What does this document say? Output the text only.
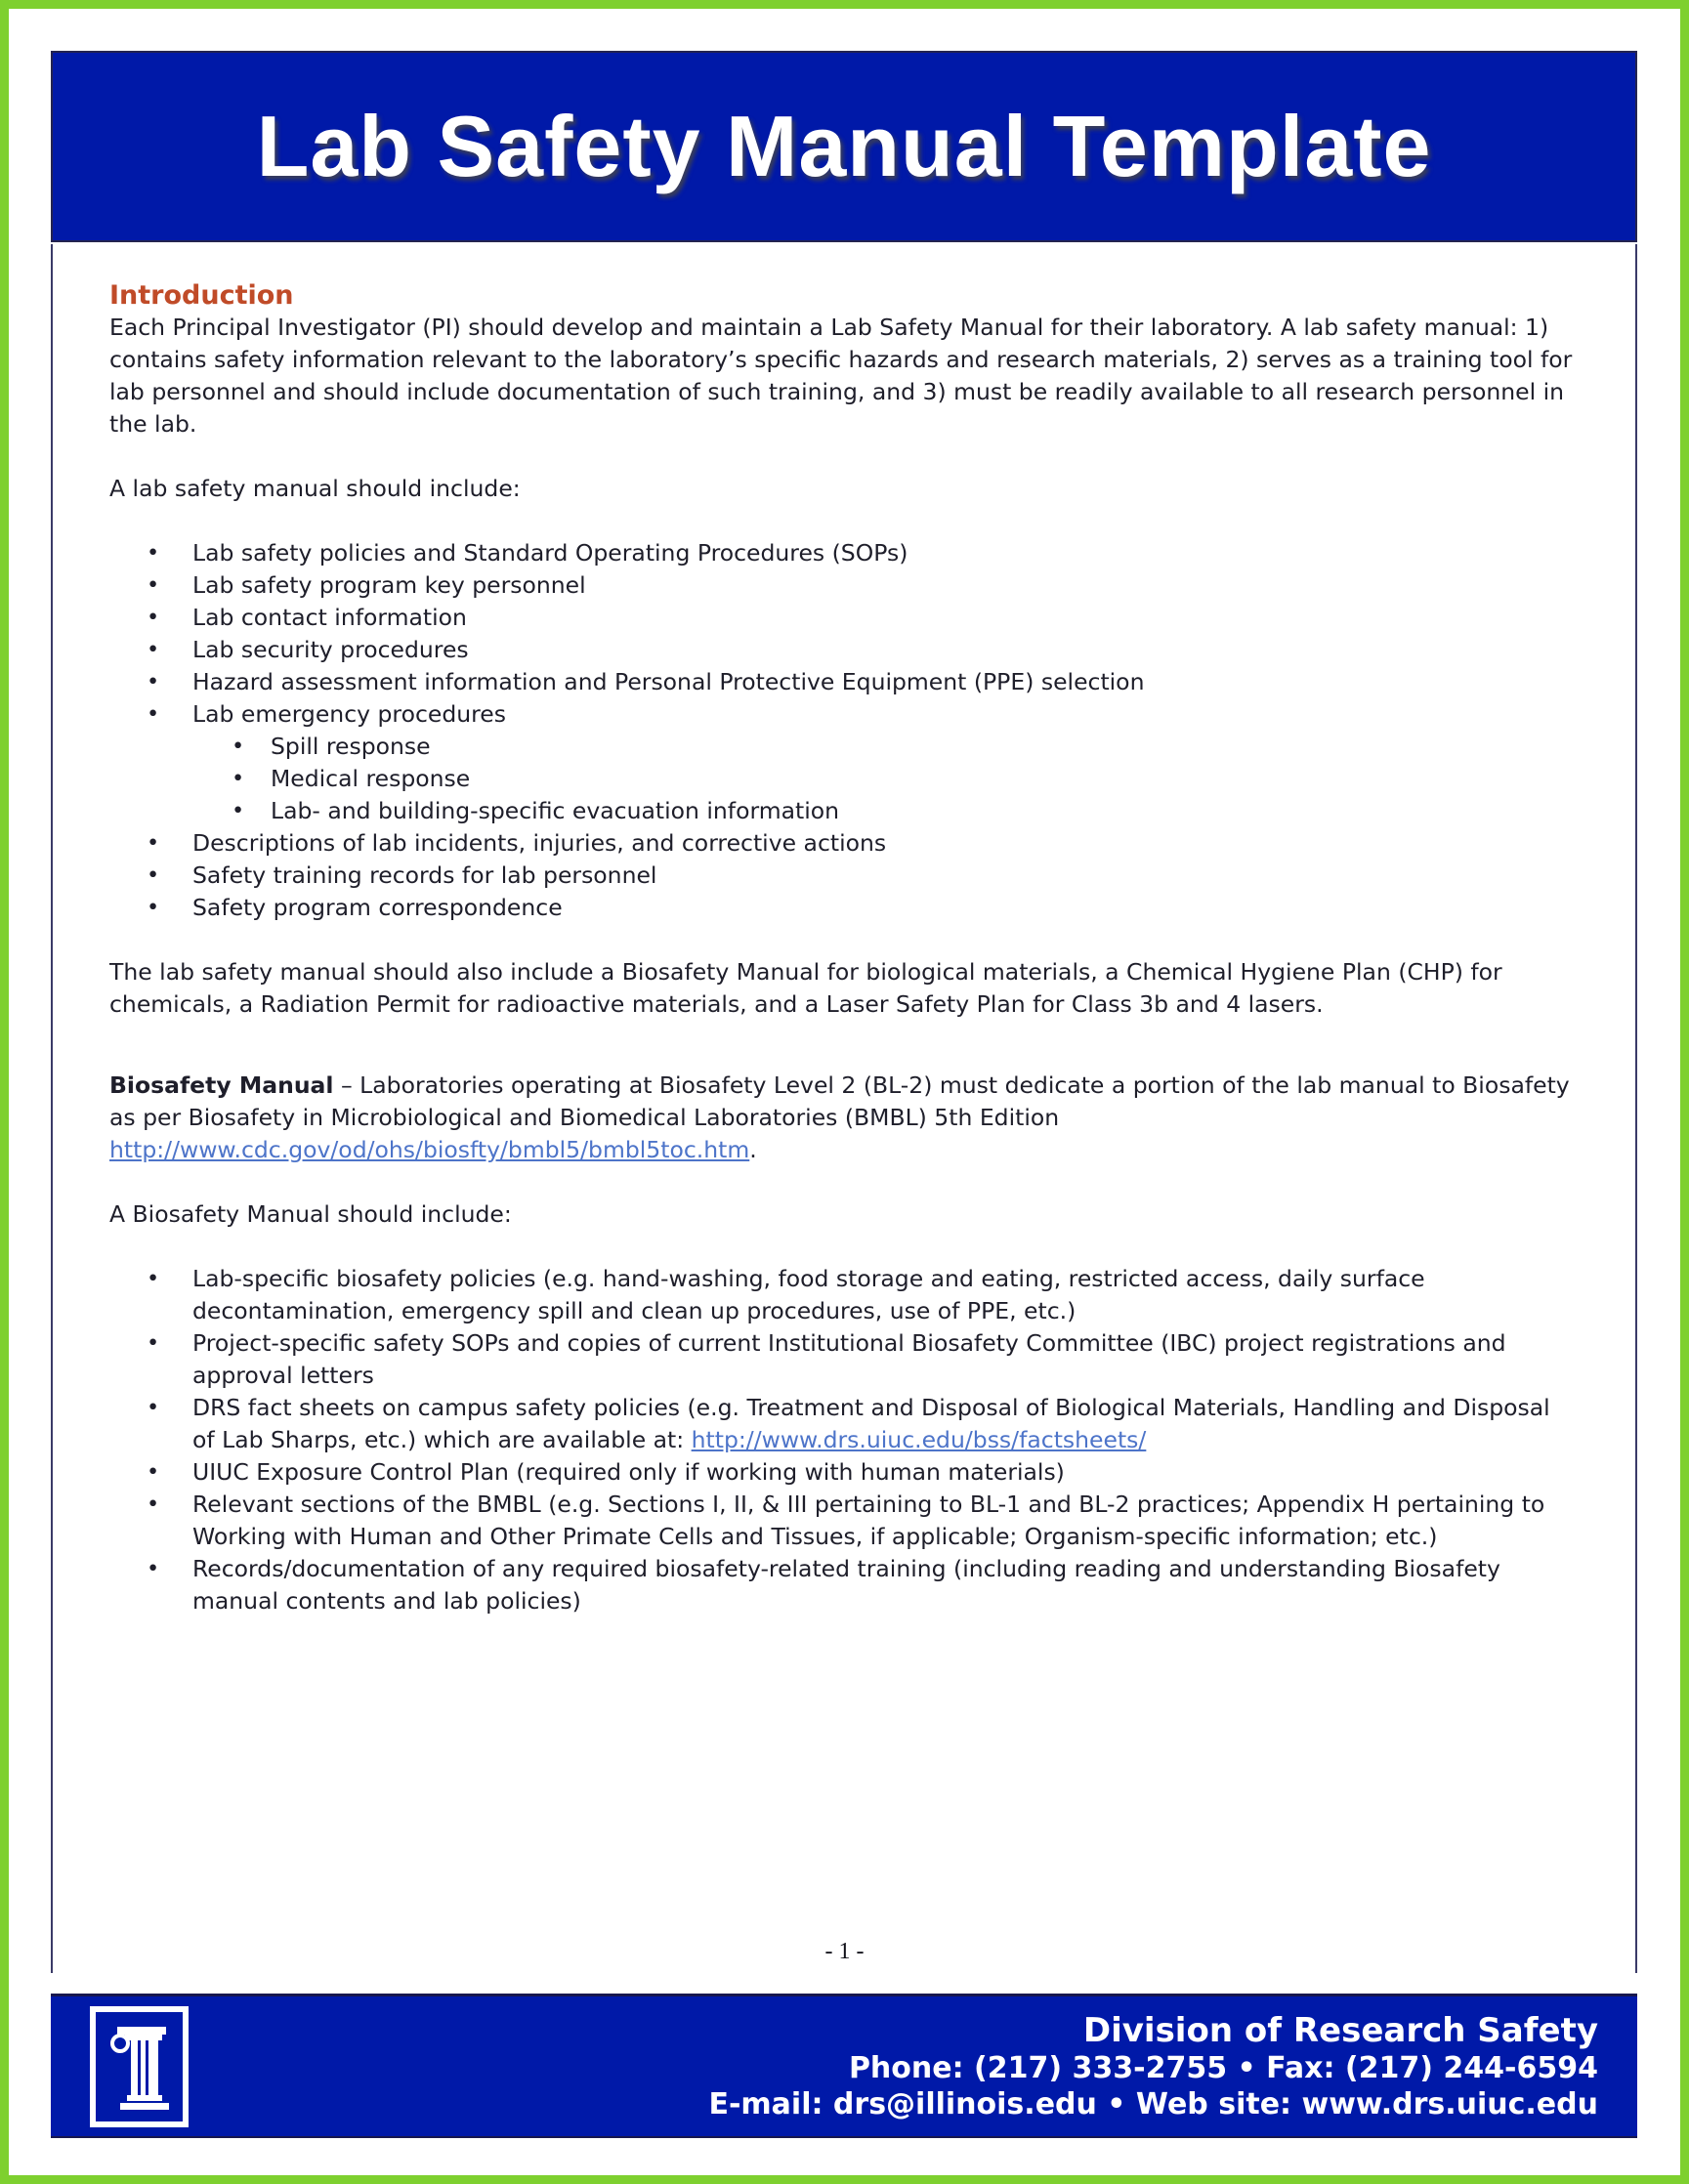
Lab Safety Manual Template
Introduction

Each Principal Investigator (PI) should develop and maintain a Lab Safety Manual for their laboratory. A lab safety manual: 1) contains safety information relevant to the laboratory’s specific hazards and research materials, 2) serves as a training tool for lab personnel and should include documentation of such training, and 3) must be readily available to all research personnel in the lab.

A lab safety manual should include:

• Lab safety policies and Standard Operating Procedures (SOPs)
• Lab safety program key personnel
• Lab contact information
• Lab security procedures
• Hazard assessment information and Personal Protective Equipment (PPE) selection
• Lab emergency procedures
• Spill response
• Medical response
• Lab- and building-specific evacuation information
• Descriptions of lab incidents, injuries, and corrective actions
• Safety training records for lab personnel
• Safety program correspondence

The lab safety manual should also include a Biosafety Manual for biological materials, a Chemical Hygiene Plan (CHP) for chemicals, a Radiation Permit for radioactive materials, and a Laser Safety Plan for Class 3b and 4 lasers.

Biosafety Manual – Laboratories operating at Biosafety Level 2 (BL-2) must dedicate a portion of the lab manual to Biosafety as per Biosafety in Microbiological and Biomedical Laboratories (BMBL) 5th Edition http://www.cdc.gov/od/ohs/biosfty/bmbl5/bmbl5toc.htm.

A Biosafety Manual should include:

• Lab-specific biosafety policies (e.g. hand-washing, food storage and eating, restricted access, daily surface decontamination, emergency spill and clean up procedures, use of PPE, etc.)
• Project-specific safety SOPs and copies of current Institutional Biosafety Committee (IBC) project registrations and approval letters
• DRS fact sheets on campus safety policies (e.g. Treatment and Disposal of Biological Materials, Handling and Disposal of Lab Sharps, etc.) which are available at: http://www.drs.uiuc.edu/bss/factsheets/
• UIUC Exposure Control Plan (required only if working with human materials)
• Relevant sections of the BMBL (e.g. Sections I, II, & III pertaining to BL-1 and BL-2 practices; Appendix H pertaining to Working with Human and Other Primate Cells and Tissues, if applicable; Organism-specific information; etc.)
• Records/documentation of any required biosafety-related training (including reading and understanding Biosafety manual contents and lab policies)
- 1 -
Division of Research Safety
Phone: (217) 333-2755 • Fax: (217) 244-6594
E-mail: drs@illinois.edu • Web site: www.drs.uiuc.edu
